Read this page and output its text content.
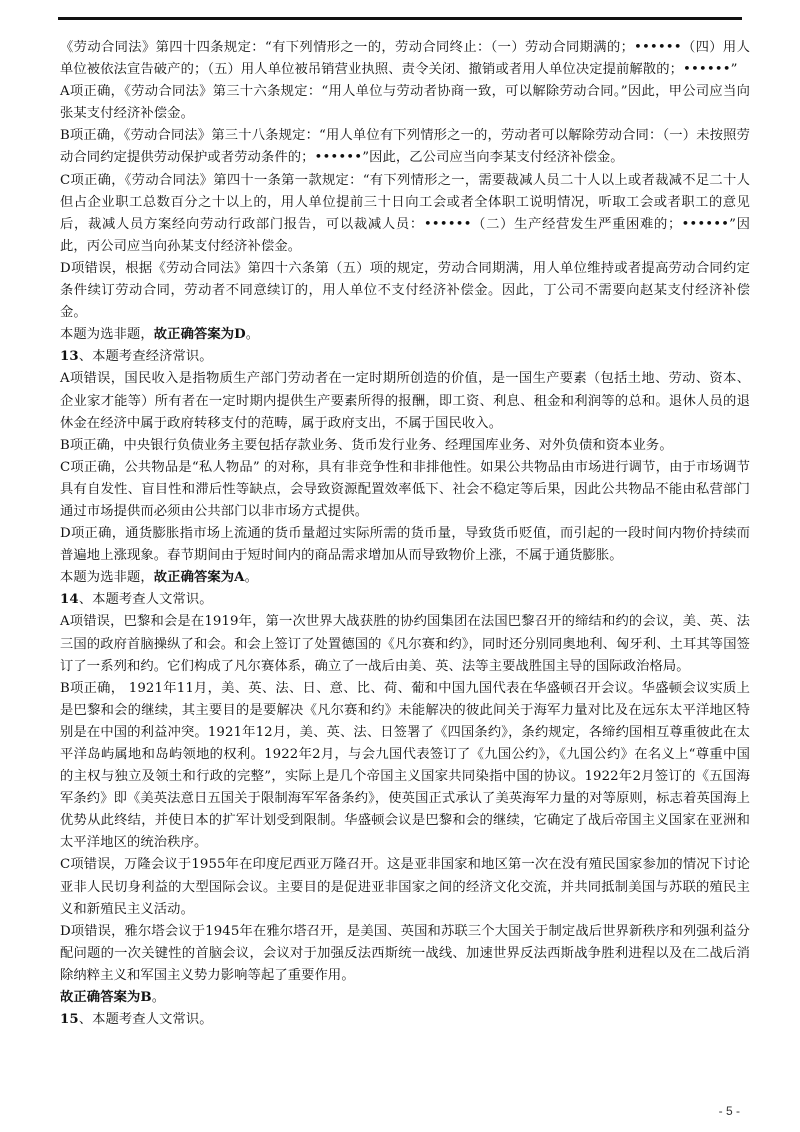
《劳动合同法》第四十四条规定：“有下列情形之一的，劳动合同终止：（一）劳动合同期满的；••••••（四）用人单位被依法宣告破产的；（五）用人单位被吊销营业执照、责令关闭、撤销或者用人单位决定提前解散的；••••••”

A项正确，《劳动合同法》第三十六条规定：“用人单位与劳动者协商一致，可以解除劳动合同。”因此，甲公司应当向张某支付经济补偿金。

B项正确，《劳动合同法》第三十八条规定：“用人单位有下列情形之一的，劳动者可以解除劳动合同：（一）未按照劳动合同约定提供劳动保护或者劳动条件的；••••••”因此，乙公司应当向李某支付经济补偿金。

C项正确，《劳动合同法》第四十一条第一款规定：“有下列情形之一，需要裁减人员二十人以上或者裁减不足二十人但占企业职工总数百分之十以上的，用人单位提前三十日向工会或者全体职工说明情况，听取工会或者职工的意见后，裁减人员方案经向劳动行政部门报告，可以裁减人员：••••••（二）生产经营发生严重困难的；••••••”因此，丙公司应当向孙某支付经济补偿金。

D项错误，根据《劳动合同法》第四十六条第（五）项的规定，劳动合同期满，用人单位维持或者提高劳动合同约定条件续订劳动合同，劳动者不同意续订的，用人单位不支付经济补偿金。因此，丁公司不需要向赵某支付经济补偿金。

本题为选非题，故正确答案为D。

13、本题考查经济常识。

A项错误，国民收入是指物质生产部门劳动者在一定时期所创造的价值，是一国生产要素（包括土地、劳动、资本、企业家才能等）所有者在一定时期内提供生产要素所得的报酬，即工资、利息、租金和利润等的总和。退休人员的退休金在经济中属于政府转移支付的范畴，属于政府支出，不属于国民收入。

B项正确，中央银行负债业务主要包括存款业务、货币发行业务、经理国库业务、对外负债和资本业务。

C项正确，公共物品是“私人物品” 的对称，具有非竞争性和非排他性。如果公共物品由市场进行调节，由于市场调节具有自发性、盲目性和滞后性等缺点，会导致资源配置效率低下、社会不稳定等后果，因此公共物品不能由私营部门通过市场提供而必须由公共部门以非市场方式提供。

D项正确，通货膨胀指市场上流通的货币量超过实际所需的货币量，导致货币贬值，而引起的一段时间内物价持续而普遍地上涨现象。春节期间由于短时间内的商品需求增加从而导致物价上涨，不属于通货膨胀。

本题为选非题，故正确答案为A。

14、本题考查人文常识。

A项错误，巴黎和会是在1919年，第一次世界大战获胜的协约国集团在法国巴黎召开的缔结和约的会议，美、英、法三国的政府首脑操纵了和会。和会上签订了处置德国的《凡尔赛和约》，同时还分别同奥地利、匈牙利、土耳其等国签订了一系列和约。它们构成了凡尔赛体系，确立了一战后由美、英、法等主要战胜国主导的国际政治格局。

B项正确， 1921年11月，美、英、法、日、意、比、荷、葡和中国九国代表在华盛顿召开会议。华盛顿会议实质上是巴黎和会的继续，其主要目的是要解决《凡尔赛和约》未能解决的彼此间关于海军力量对比及在远东太平洋地区特别是在中国的利益冲突。1921年12月，美、英、法、日签署了《四国条约》，条约规定，各缔约国相互尊重彼此在太平洋岛屿属地和岛屿领地的权利。1922年2月，与会九国代表签订了《九国公约》，《九国公约》在名义上“尊重中国的主权与独立及领土和行政的完整”，实际上是几个帝国主义国家共同染指中国的协议。1922年2月签订的《五国海军条约》即《美英法意日五国关于限制海军军备条约》，使英国正式承认了美英海军力量的对等原则，标志着英国海上优势从此终结，并使日本的扩军计划受到限制。华盛顿会议是巴黎和会的继续，它确定了战后帝国主义国家在亚洲和太平洋地区的统治秩序。

C项错误，万隆会议于1955年在印度尼西亚万隆召开。这是亚非国家和地区第一次在没有殖民国家参加的情况下讨论亚非人民切身利益的大型国际会议。主要目的是促进亚非国家之间的经济文化交流，并共同抵制美国与苏联的殖民主义和新殖民主义活动。

D项错误，雅尔塔会议于1945年在雅尔塔召开，是美国、英国和苏联三个大国关于制定战后世界新秩序和列强利益分配问题的一次关键性的首脑会议，会议对于加强反法西斯统一战线、加速世界反法西斯战争胜利进程以及在二战后消除纳粹主义和军国主义势力影响等起了重要作用。

故正确答案为B。

15、本题考查人文常识。

- 5 -
